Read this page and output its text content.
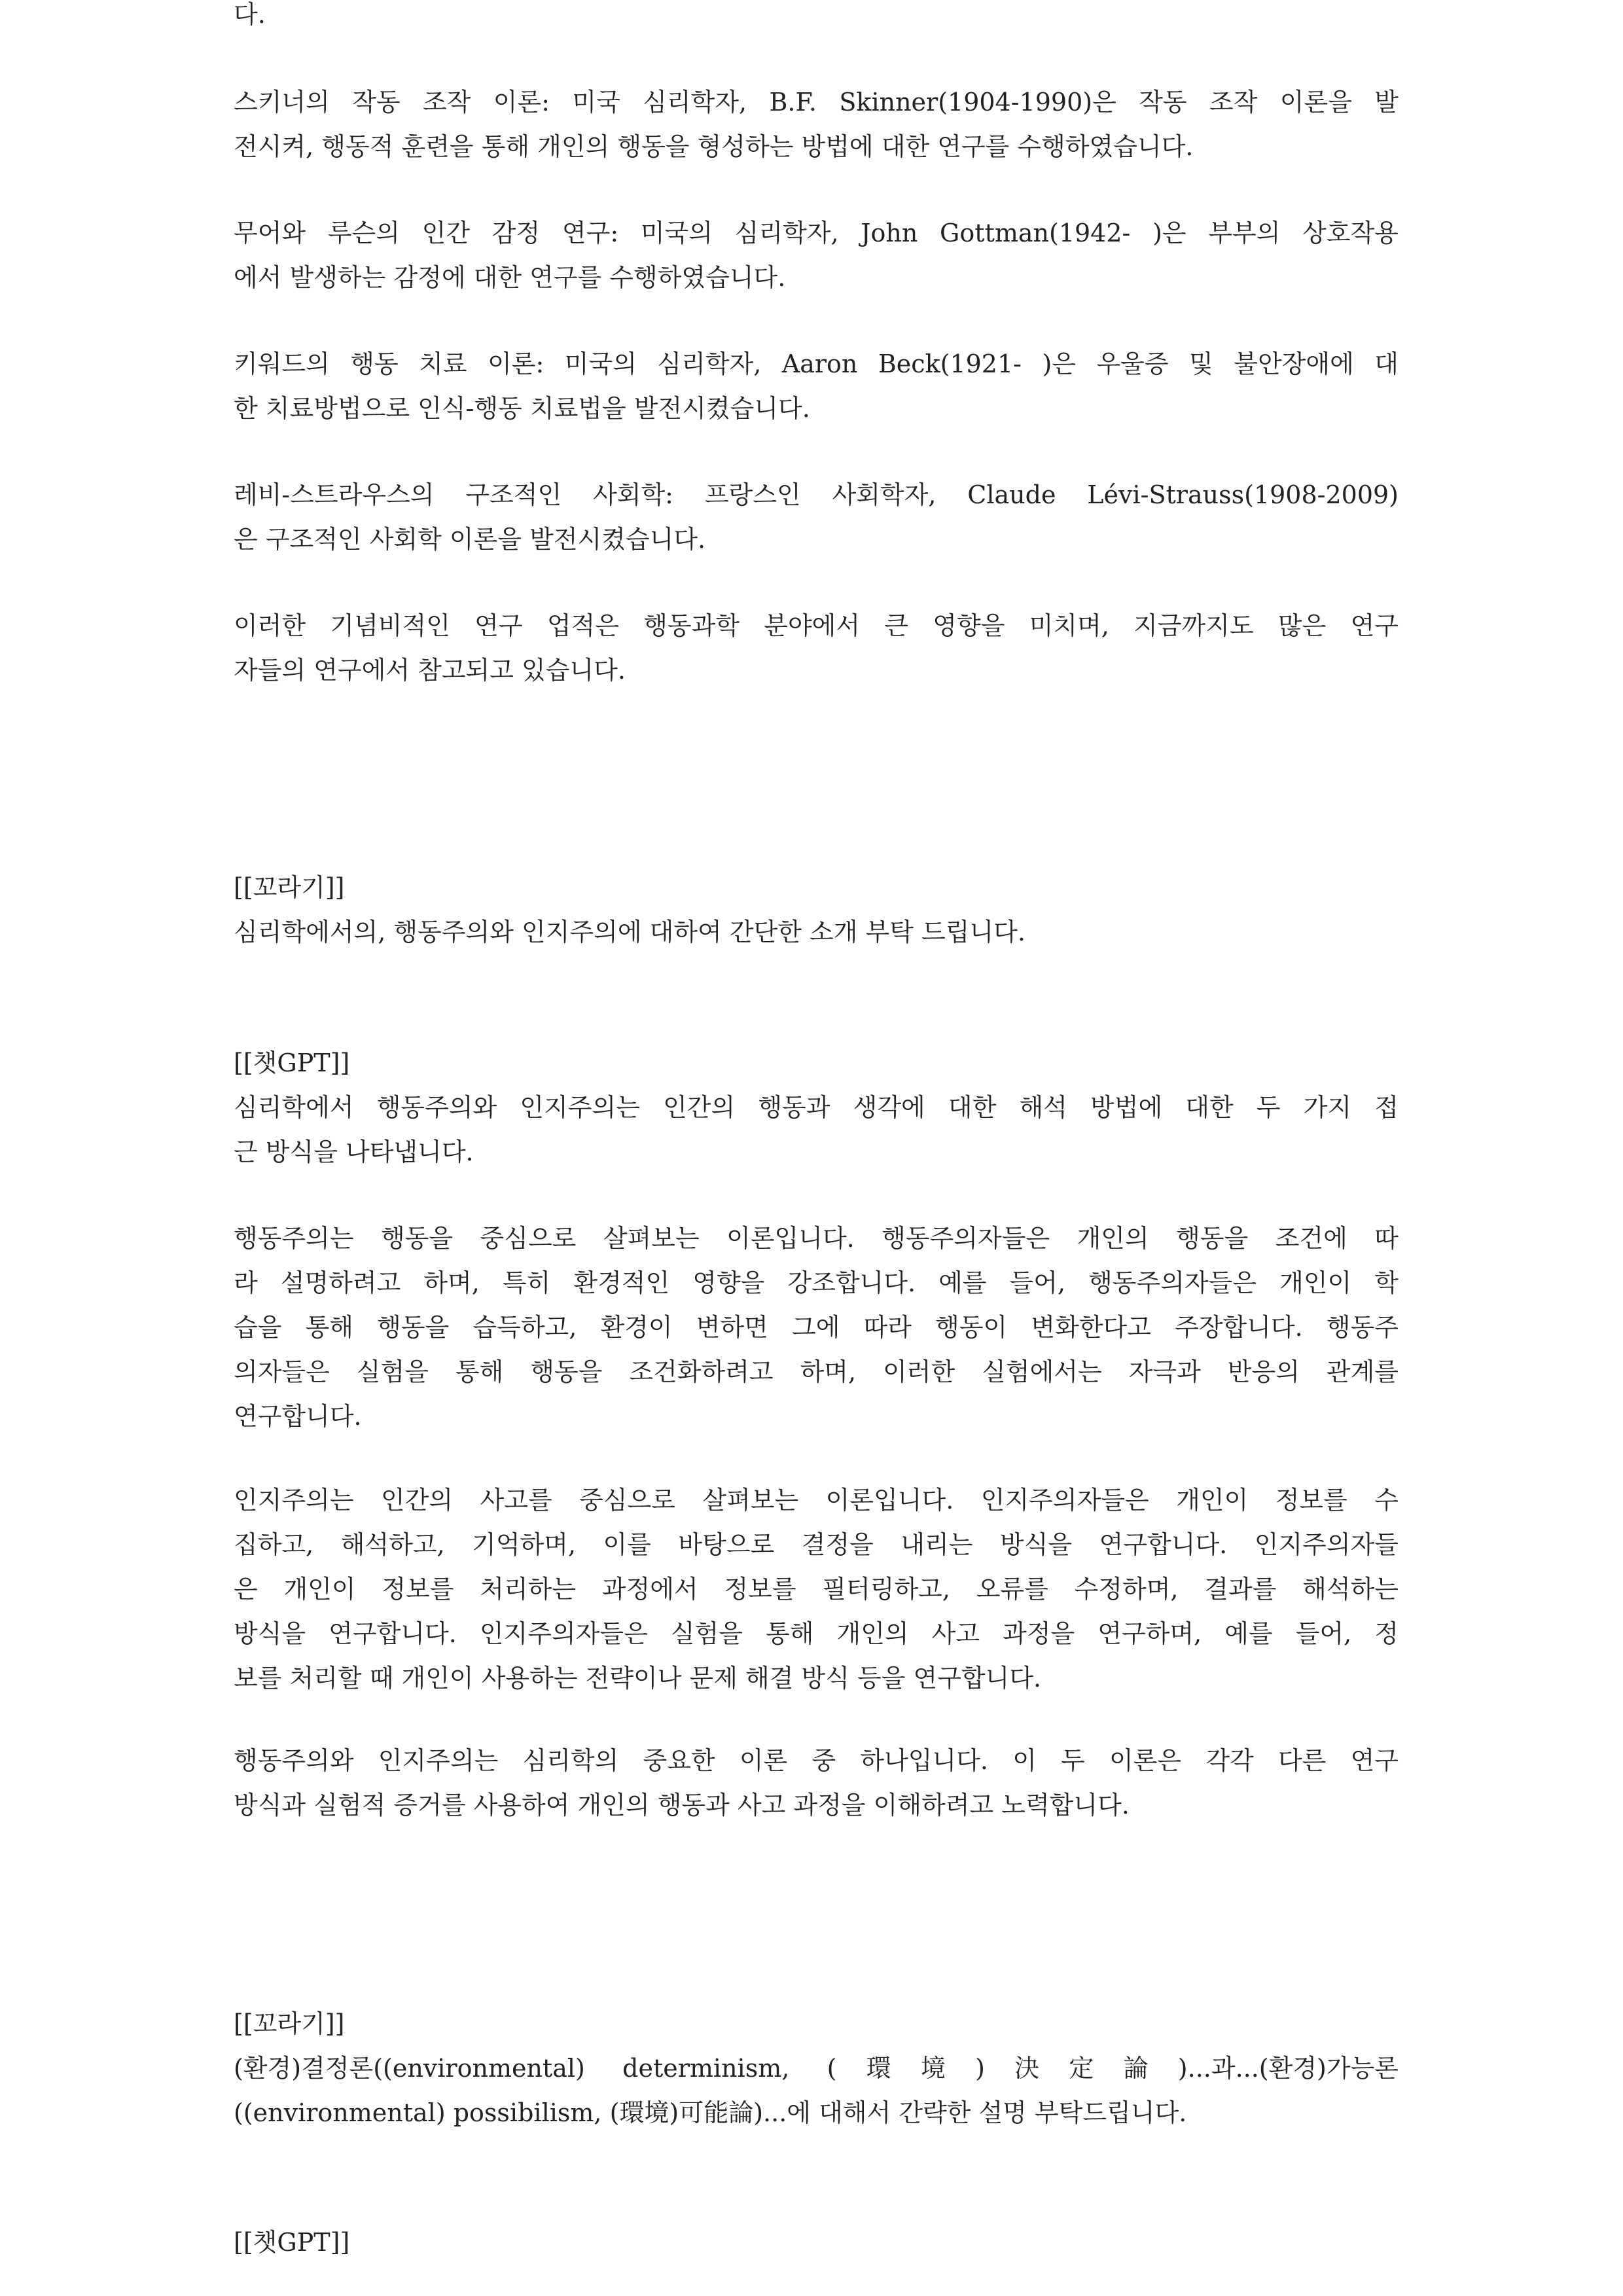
다.

스키너의 작동 조작 이론: 미국 심리학자, B.F. Skinner(1904-1990)은 작동 조작 이론을 발
전시켜, 행동적 훈련을 통해 개인의 행동을 형성하는 방법에 대한 연구를 수행하였습니다.

무어와 루슨의 인간 감정 연구: 미국의 심리학자, John Gottman(1942- )은 부부의 상호작용
에서 발생하는 감정에 대한 연구를 수행하였습니다.

키워드의 행동 치료 이론: 미국의 심리학자, Aaron Beck(1921- )은 우울증 및 불안장애에 대
한 치료방법으로 인식-행동 치료법을 발전시켰습니다.

레비-스트라우스의 구조적인 사회학: 프랑스인 사회학자, Claude Lévi-Strauss(1908-2009)
은 구조적인 사회학 이론을 발전시켰습니다.

이러한 기념비적인 연구 업적은 행동과학 분야에서 큰 영향을 미치며, 지금까지도 많은 연구
자들의 연구에서 참고되고 있습니다.

[[꼬라기]]
심리학에서의, 행동주의와 인지주의에 대하여 간단한 소개 부탁 드립니다.

[[챗GPT]]
심리학에서 행동주의와 인지주의는 인간의 행동과 생각에 대한 해석 방법에 대한 두 가지 접
근 방식을 나타냅니다.

행동주의는 행동을 중심으로 살펴보는 이론입니다. 행동주의자들은 개인의 행동을 조건에 따
라 설명하려고 하며, 특히 환경적인 영향을 강조합니다. 예를 들어, 행동주의자들은 개인이 학
습을 통해 행동을 습득하고, 환경이 변하면 그에 따라 행동이 변화한다고 주장합니다. 행동주
의자들은 실험을 통해 행동을 조건화하려고 하며, 이러한 실험에서는 자극과 반응의 관계를
연구합니다.

인지주의는 인간의 사고를 중심으로 살펴보는 이론입니다. 인지주의자들은 개인이 정보를 수
집하고, 해석하고, 기억하며, 이를 바탕으로 결정을 내리는 방식을 연구합니다. 인지주의자들
은 개인이 정보를 처리하는 과정에서 정보를 필터링하고, 오류를 수정하며, 결과를 해석하는
방식을 연구합니다. 인지주의자들은 실험을 통해 개인의 사고 과정을 연구하며, 예를 들어, 정
보를 처리할 때 개인이 사용하는 전략이나 문제 해결 방식 등을 연구합니다.

행동주의와 인지주의는 심리학의 중요한 이론 중 하나입니다. 이 두 이론은 각각 다른 연구
방식과 실험적 증거를 사용하여 개인의 행동과 사고 과정을 이해하려고 노력합니다.

[[꼬라기]]
(환경)결정론((environmental) determinism, (環境)決定論)...과...(환경)가능론
((environmental) possibilism, (環境)可能論)...에 대해서 간략한 설명 부탁드립니다.

[[챗GPT]]
